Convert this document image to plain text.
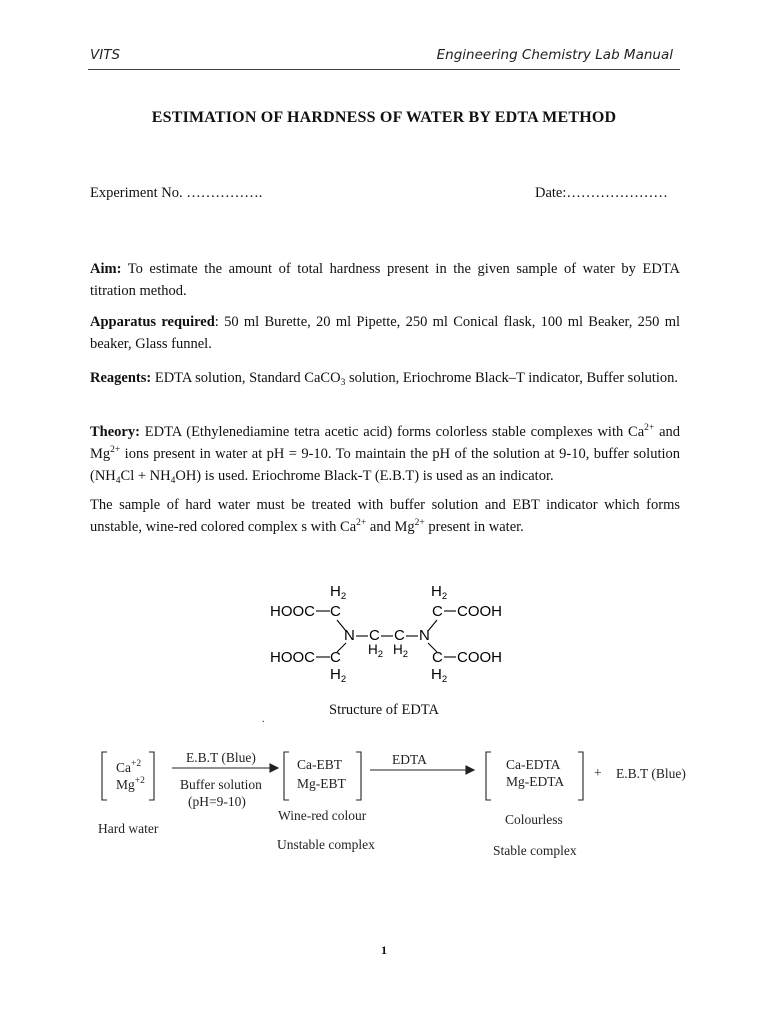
VITS	Engineering Chemistry Lab Manual
ESTIMATION OF HARDNESS OF WATER BY EDTA METHOD
Experiment No. …………….	Date:…………………

Aim: To estimate the amount of total hardness present in the given sample of water by EDTA titration method.

Apparatus required: 50 ml Burette, 20 ml Pipette, 250 ml Conical flask, 100 ml Beaker, 250 ml beaker, Glass funnel.

Reagents: EDTA solution, Standard CaCO$_3$ solution, Eriochrome Black–T indicator, Buffer solution.

Theory: EDTA (Ethylenediamine tetra acetic acid) forms colorless stable complexes with $Ca^{2+}$ and $Mg^{2+}$ ions present in water at pH = 9-10. To maintain the pH of the solution at 9-10, buffer solution $(NH_4Cl + NH_4OH)$ is used. Eriochrome Black-T (E.B.T) is used as an indicator.

The sample of hard water must be treated with buffer solution and EBT indicator which forms unstable, wine-red colored complex s with $Ca^{2+}$ and $Mg^{2+}$ present in water.

$H_2$	$H_2$
HOOC C	C COOH
N C C N
$H_2$ $H_2$
HOOC C	C COOH
$H_2$	$H_2$
Structure of EDTA
.
$Ca^{+2}$
$Mg^{+2}$
Hard water
E.B.T (Blue)
Buffer solution
(pH=9-10)
Ca-EBT
Mg-EBT
Wine-red colour
Unstable complex
EDTA	Ca-EDTA
Mg-EDTA
Colourless
Stable complex
+ E.B.T (Blue)
1
